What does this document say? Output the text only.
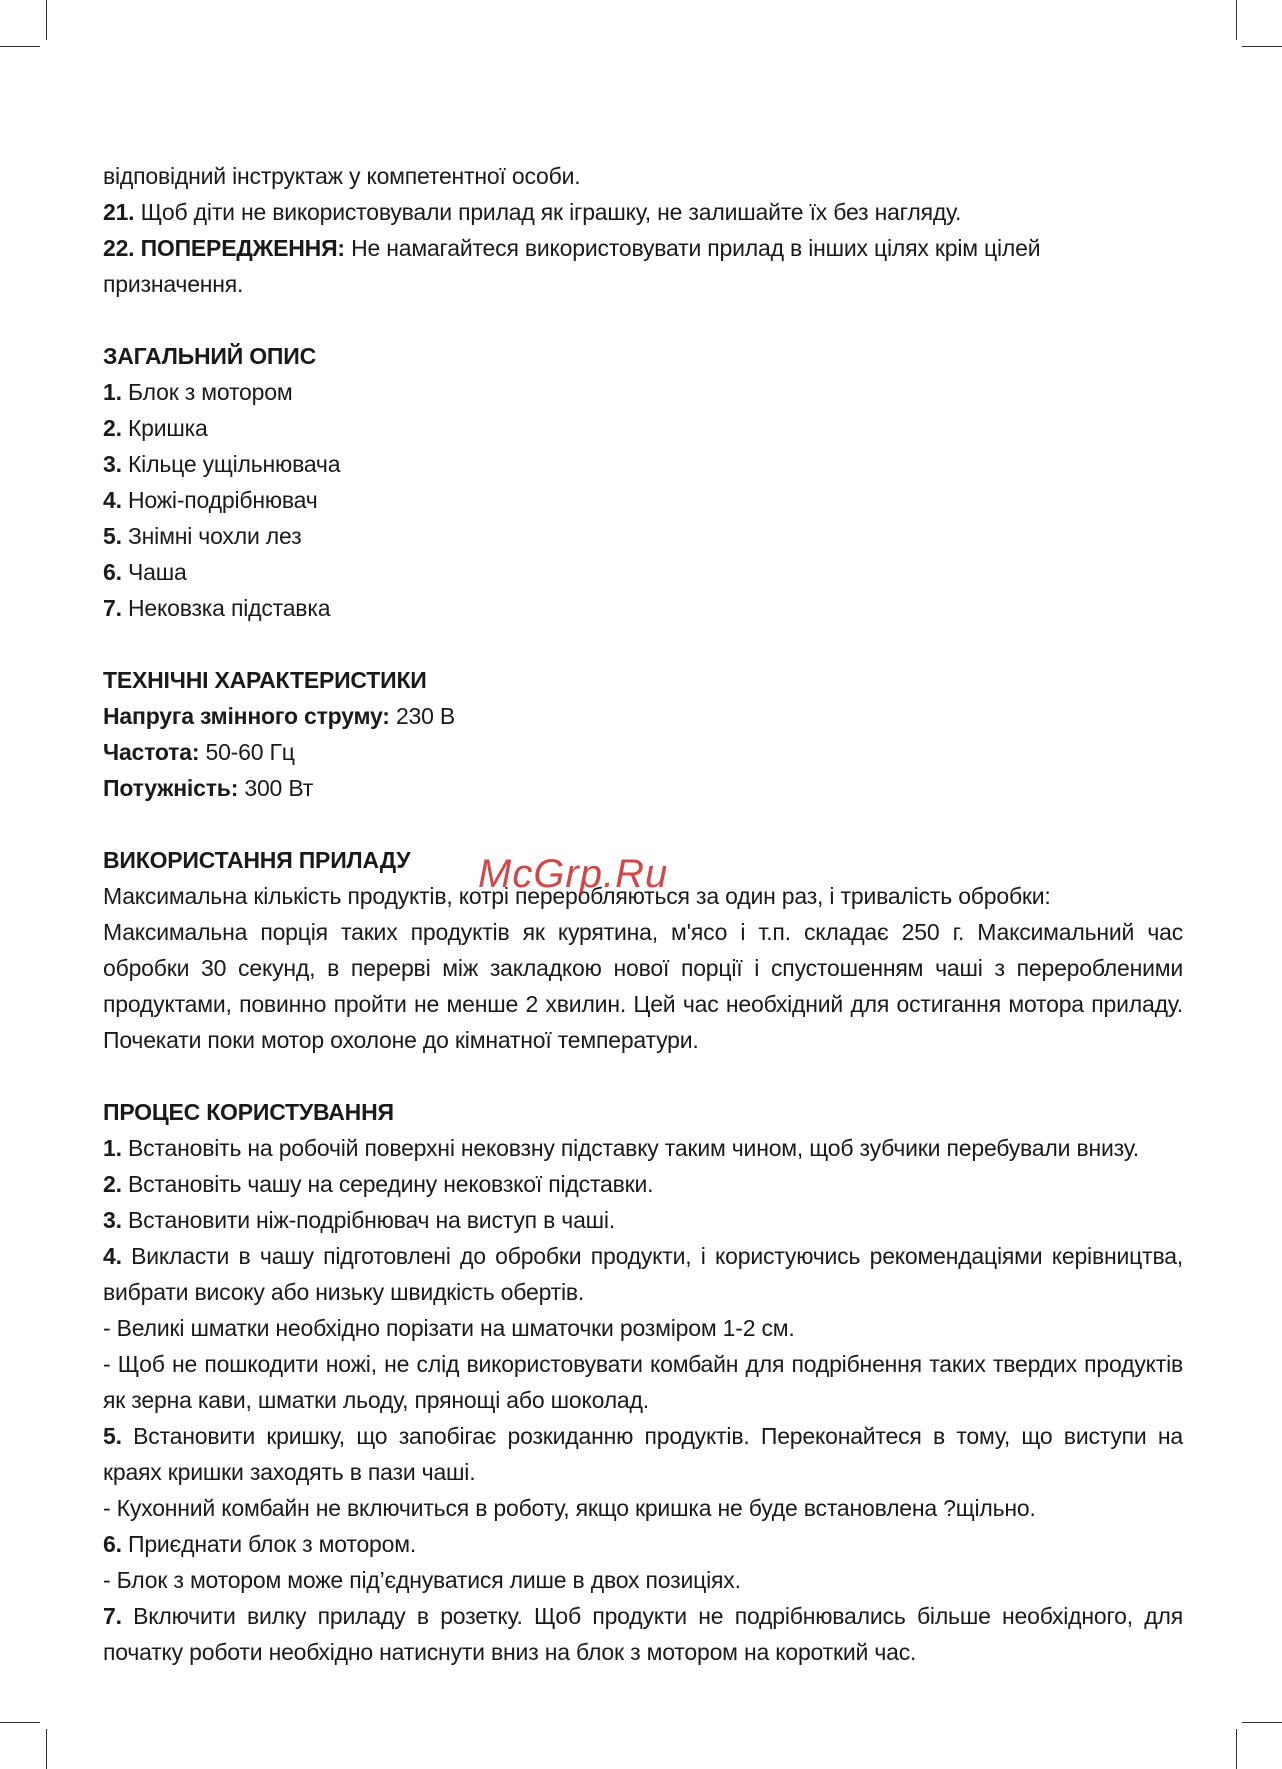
відповідний інструктаж у компетентної особи.

21. Щоб діти не використовували прилад як іграшку, не залишайте їх без нагляду.

22. ПОПЕРЕДЖЕННЯ: Не намагайтеся використовувати прилад в інших цілях крім цілей призначення.

ЗАГАЛЬНИЙ ОПИС

1. Блок з мотором

2. Кришка

3. Кільце ущільнювача

4. Ножі-подрібнювач

5. Знімні чохли лез

6. Чаша

7. Нековзка підставка

ТЕХНІЧНІ ХАРАКТЕРИСТИКИ

Напруга змінного струму: 230 В

Частота: 50-60 Гц

Потужність: 300 Вт

ВИКОРИСТАННЯ ПРИЛАДУ

Максимальна кількість продуктів, котрі переробляються за один раз, і тривалість обробки:

Максимальна порція таких продуктів як курятина, м'ясо і т.п. складає 250 г. Максимальний час обробки 30 секунд, в перерві між закладкою нової порції і спустошенням чаші з переробленими продуктами, повинно пройти не менше 2 хвилин. Цей час необхідний для остигання мотора приладу. Почекати поки мотор охолоне до кімнатної температури.

ПРОЦЕС КОРИСТУВАННЯ

1. Встановіть на робочій поверхні нековзну підставку таким чином, щоб зубчики перебували внизу.

2. Встановіть чашу на середину нековзкої підставки.

3. Встановити ніж-подрібнювач на виступ в чаші.

4. Викласти в чашу підготовлені до обробки продукти, і користуючись рекомендаціями керівництва, вибрати високу або низьку швидкість обертів.

- Великі шматки необхідно порізати на шматочки розміром 1-2 см.

- Щоб не пошкодити ножі, не слід використовувати комбайн для подрібнення таких твердих продуктів як зерна кави, шматки льоду, прянощі або шоколад.

5. Встановити кришку, що запобігає розкиданню продуктів. Переконайтеся в тому, що виступи на краях кришки заходять в пази чаші.

- Кухонний комбайн не включиться в роботу, якщо кришка не буде встановлена ?щільно.

6. Приєднати блок з мотором.

- Блок з мотором може під’єднуватися лише в двох позиціях.

7. Включити вилку приладу в розетку. Щоб продукти не подрібнювались більше необхідного, для початку роботи необхідно натиснути вниз на блок з мотором на короткий час.

McGrp.Ru
